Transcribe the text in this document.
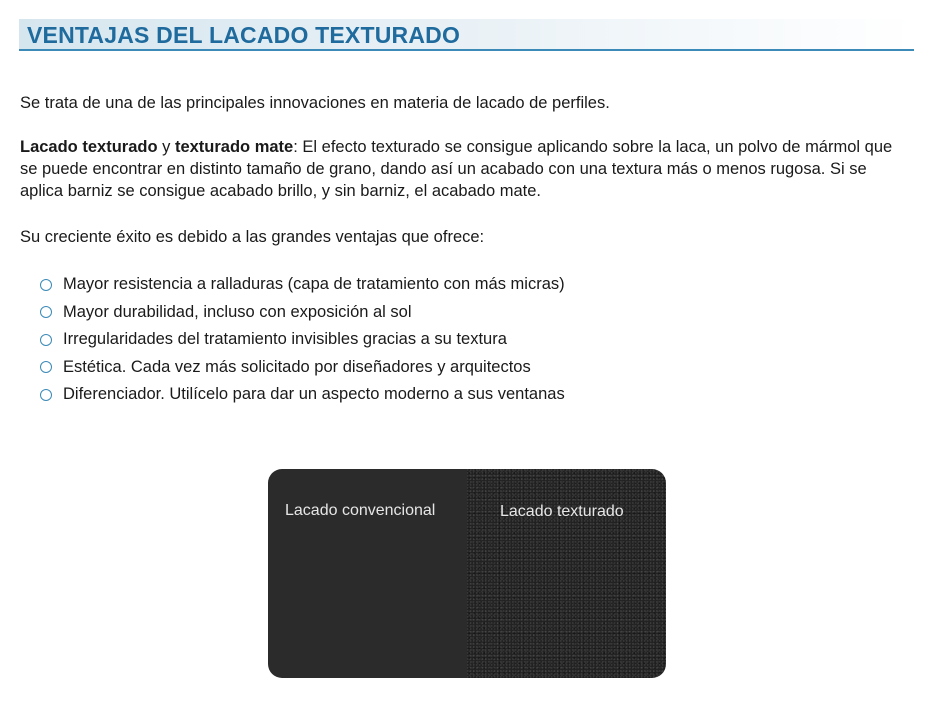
VENTAJAS DEL LACADO TEXTURADO

Se trata de una de las principales innovaciones en materia de lacado de perfiles.

Lacado texturado y texturado mate: El efecto texturado se consigue aplicando sobre la laca, un polvo de mármol que se puede encontrar en distinto tamaño de grano, dando así un acabado con una textura más o menos rugosa. Si se aplica barniz se consigue acabado brillo, y sin barniz, el acabado mate.

Su creciente éxito es debido a las grandes ventajas que ofrece:

Mayor resistencia a ralladuras (capa de tratamiento con más micras)
Mayor durabilidad, incluso con exposición al sol
Irregularidades del tratamiento invisibles gracias a su textura
Estética. Cada vez más solicitado por diseñadores y arquitectos
Diferenciador. Utilícelo para dar un aspecto moderno a sus ventanas
Lacado convencional	Lacado texturado
